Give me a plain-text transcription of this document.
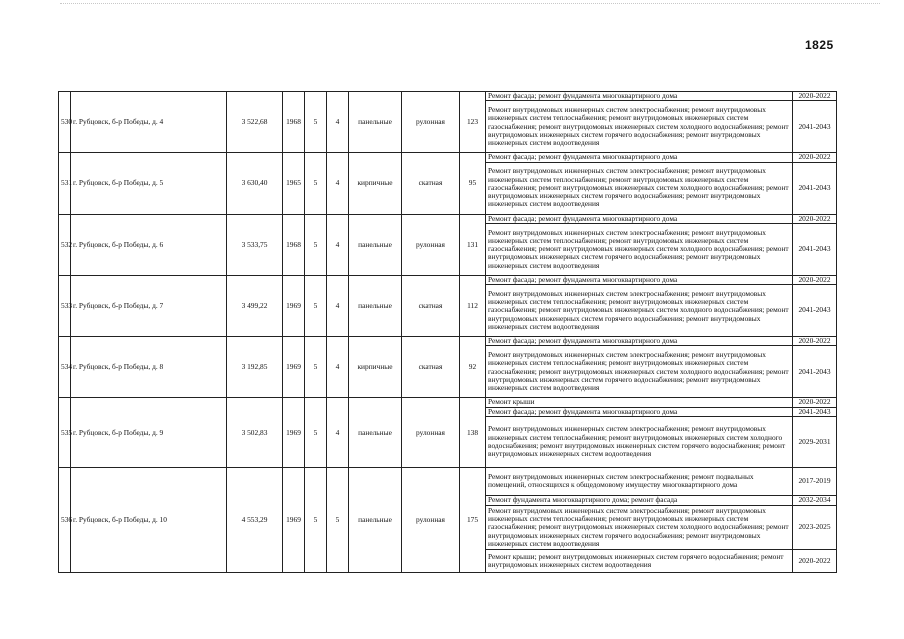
1825
530	г. Рубцовск, б-р Победы, д. 4	3 522,68	1968	5	4	панельные	рулонная	123	Ремонт фасада; ремонт фундамента многоквартирного дома	2020-2022
									Ремонт внутридомовых инженерных систем электроснабжения; ремонт внутридомовых инженерных систем теплоснабжения; ремонт внутридомовых инженерных систем газоснабжения; ремонт внутридомовых инженерных систем холодного водоснабжения; ремонт внутридомовых инженерных систем горячего водоснабжения; ремонт внутридомовых инженерных систем водоотведения	2041-2043
531	г. Рубцовск, б-р Победы, д. 5	3 630,40	1965	5	4	кирпичные	скатная	95	Ремонт фасада; ремонт фундамента многоквартирного дома	2020-2022
									Ремонт внутридомовых инженерных систем электроснабжения; ремонт внутридомовых инженерных систем теплоснабжения; ремонт внутридомовых инженерных систем газоснабжения; ремонт внутридомовых инженерных систем холодного водоснабжения; ремонт внутридомовых инженерных систем горячего водоснабжения; ремонт внутридомовых инженерных систем водоотведения	2041-2043
532	г. Рубцовск, б-р Победы, д. 6	3 533,75	1968	5	4	панельные	рулонная	131	Ремонт фасада; ремонт фундамента многоквартирного дома	2020-2022
									Ремонт внутридомовых инженерных систем электроснабжения; ремонт внутридомовых инженерных систем теплоснабжения; ремонт внутридомовых инженерных систем газоснабжения; ремонт внутридомовых инженерных систем холодного водоснабжения; ремонт внутридомовых инженерных систем горячего водоснабжения; ремонт внутридомовых инженерных систем водоотведения	2041-2043
533	г. Рубцовск, б-р Победы, д. 7	3 499,22	1969	5	4	панельные	скатная	112	Ремонт фасада; ремонт фундамента многоквартирного дома	2020-2022
									Ремонт внутридомовых инженерных систем электроснабжения; ремонт внутридомовых инженерных систем теплоснабжения; ремонт внутридомовых инженерных систем газоснабжения; ремонт внутридомовых инженерных систем холодного водоснабжения; ремонт внутридомовых инженерных систем горячего водоснабжения; ремонт внутридомовых инженерных систем водоотведения	2041-2043
534	г. Рубцовск, б-р Победы, д. 8	3 192,85	1969	5	4	кирпичные	скатная	92	Ремонт фасада; ремонт фундамента многоквартирного дома	2020-2022
									Ремонт внутридомовых инженерных систем электроснабжения; ремонт внутридомовых инженерных систем теплоснабжения; ремонт внутридомовых инженерных систем газоснабжения; ремонт внутридомовых инженерных систем холодного водоснабжения; ремонт внутридомовых инженерных систем горячего водоснабжения; ремонт внутридомовых инженерных систем водоотведения	2041-2043
535	г. Рубцовск, б-р Победы, д. 9	3 502,83	1969	5	4	панельные	рулонная	138	Ремонт крыши	2020-2022
									Ремонт фасада; ремонт фундамента многоквартирного дома	2041-2043
									Ремонт внутридомовых инженерных систем электроснабжения; ремонт внутридомовых инженерных систем теплоснабжения; ремонт внутридомовых инженерных систем холодного водоснабжения; ремонт внутридомовых инженерных систем горячего водоснабжения; ремонт внутридомовых инженерных систем водоотведения	2029-2031
536	г. Рубцовск, б-р Победы, д. 10	4 553,29	1969	5	5	панельные	рулонная	175	Ремонт внутридомовых инженерных систем электроснабжения; ремонт подвальных помещений, относящихся к общедомовому имуществу многоквартирного дома	2017-2019
									Ремонт фундамента многоквартирного дома; ремонт фасада	2032-2034
									Ремонт внутридомовых инженерных систем электроснабжения; ремонт внутридомовых инженерных систем теплоснабжения; ремонт внутридомовых инженерных систем газоснабжения; ремонт внутридомовых инженерных систем холодного водоснабжения; ремонт внутридомовых инженерных систем горячего водоснабжения; ремонт внутридомовых инженерных систем водоотведения	2023-2025
									Ремонт крыши; ремонт внутридомовых инженерных систем горячего водоснабжения; ремонт внутридомовых инженерных систем водоотведения	2020-2022
